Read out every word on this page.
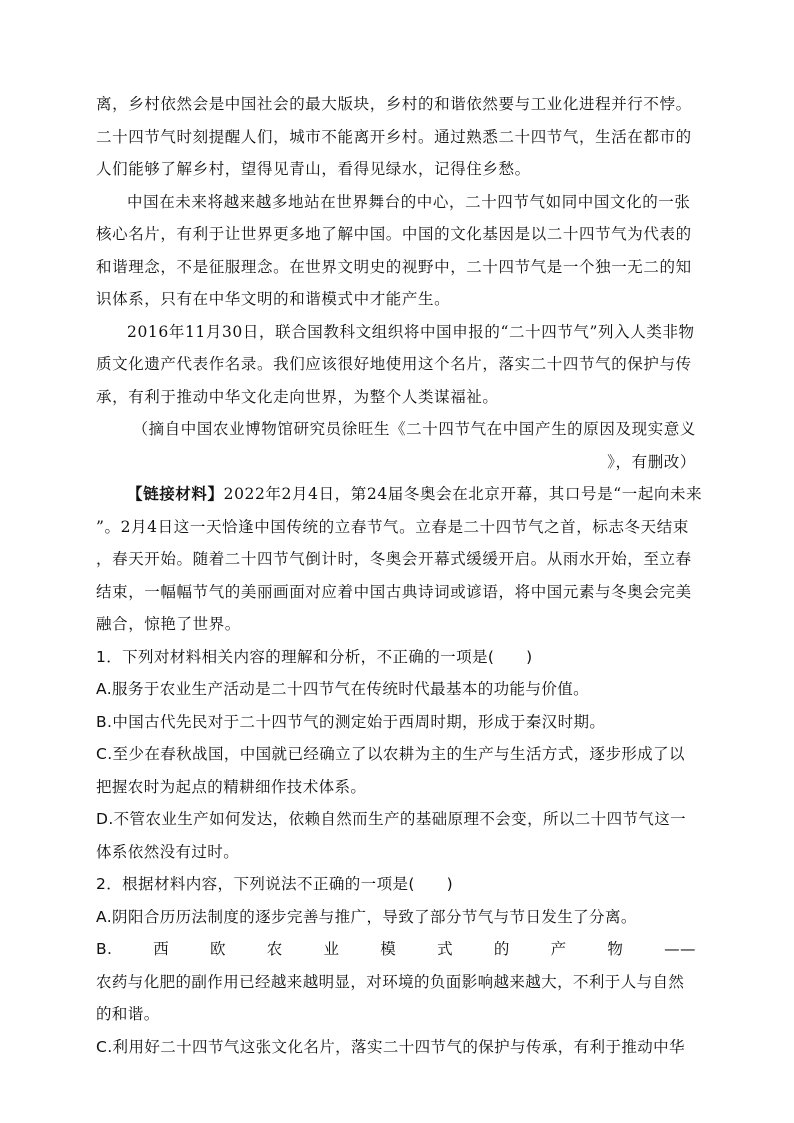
离，乡村依然会是中国社会的最大版块，乡村的和谐依然要与工业化进程并行不悖。二十四节气时刻提醒人们，城市不能离开乡村。通过熟悉二十四节气，生活在都市的人们能够了解乡村，望得见青山，看得见绿水，记得住乡愁。

中国在未来将越来越多地站在世界舞台的中心，二十四节气如同中国文化的一张核心名片，有利于让世界更多地了解中国。中国的文化基因是以二十四节气为代表的和谐理念，不是征服理念。在世界文明史的视野中，二十四节气是一个独一无二的知识体系，只有在中华文明的和谐模式中才能产生。

2016年11月30日，联合国教科文组织将中国申报的“二十四节气”列入人类非物质文化遗产代表作名录。我们应该很好地使用这个名片，落实二十四节气的保护与传承，有利于推动中华文化走向世界，为整个人类谋福祉。

（摘自中国农业博物馆研究员徐旺生《二十四节气在中国产生的原因及现实意义

》，有删改）

【链接材料】2022年2月4日，第24届冬奥会在北京开幕，其口号是“一起向未来

”。2月4日这一天恰逢中国传统的立春节气。立春是二十四节气之首，标志冬天结束

，春天开始。随着二十四节气倒计时，冬奥会开幕式缓缓开启。从雨水开始，至立春

结束，一幅幅节气的美丽画面对应着中国古典诗词或谚语，将中国元素与冬奥会完美

融合，惊艳了世界。

1．下列对材料相关内容的理解和分析，不正确的一项是(　　)

A.服务于农业生产活动是二十四节气在传统时代最基本的功能与价值。

B.中国古代先民对于二十四节气的测定始于西周时期，形成于秦汉时期。

C.至少在春秋战国，中国就已经确立了以农耕为主的生产与生活方式，逐步形成了以

把握农时为起点的精耕细作技术体系。

D.不管农业生产如何发达，依赖自然而生产的基础原理不会变，所以二十四节气这一

体系依然没有过时。

2．根据材料内容，下列说法不正确的一项是(　　)

A.阴阳合历历法制度的逐步完善与推广，导致了部分节气与节日发生了分离。

B.	西	欧	农	业	模	式	的	产	物	——

农药与化肥的副作用已经越来越明显，对环境的负面影响越来越大，不利于人与自然

的和谐。

C.利用好二十四节气这张文化名片，落实二十四节气的保护与传承，有利于推动中华
